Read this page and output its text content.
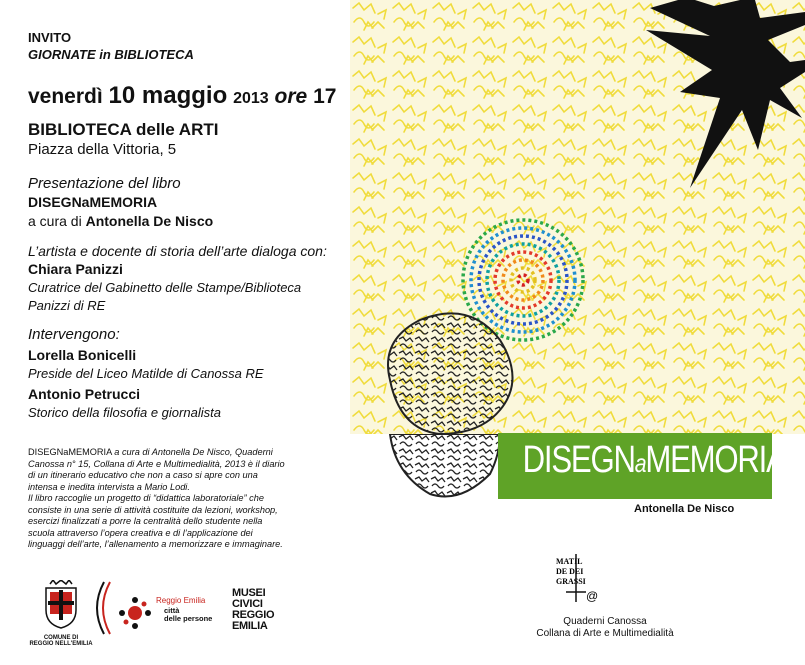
DISEGNaMEMORIA
Antonella De Nisco
INVITO
GIORNATE in BIBLIOTECA
venerdì 10 maggio 2013 ore 17
BIBLIOTECA delle ARTI
Piazza della Vittoria, 5
Presentazione del libro
DISEGNaMEMORIA
a cura di Antonella De Nisco
L’artista e docente di storia dell’arte dialoga con:
Chiara Panizzi
Curatrice del Gabinetto delle Stampe/Biblioteca
Panizzi di RE
Intervengono:
Lorella Bonicelli
Preside del Liceo Matilde di Canossa RE
Antonio Petrucci
Storico della filosofia e giornalista
DISEGNaMEMORIA a cura di Antonella De Nisco, Quaderni
Canossa n° 15, Collana di Arte e Multimedialità, 2013 è il diario
di un itinerario educativo che non a caso si apre con una
intensa e inedita intervista a Mario Lodi.
Il libro raccoglie un progetto di “didattica laboratoriale” che
consiste in una serie di attività costituite da lezioni, workshop,
esercizi finalizzati a porre la centralità dello studente nella
scuola attraverso l’opera creativa e di l’applicazione dei
linguaggi dell’arte, l’allenamento a memorizzare e immaginare.
COMUNE DI
REGGIO NELL'EMILIA
Reggio Emilia
città
delle persone
MUSEI
CIVICI
REGGIO
EMILIA
MATIL
DE DEI
GRASSI
@
Quaderni Canossa
Collana di Arte e Multimedialità
